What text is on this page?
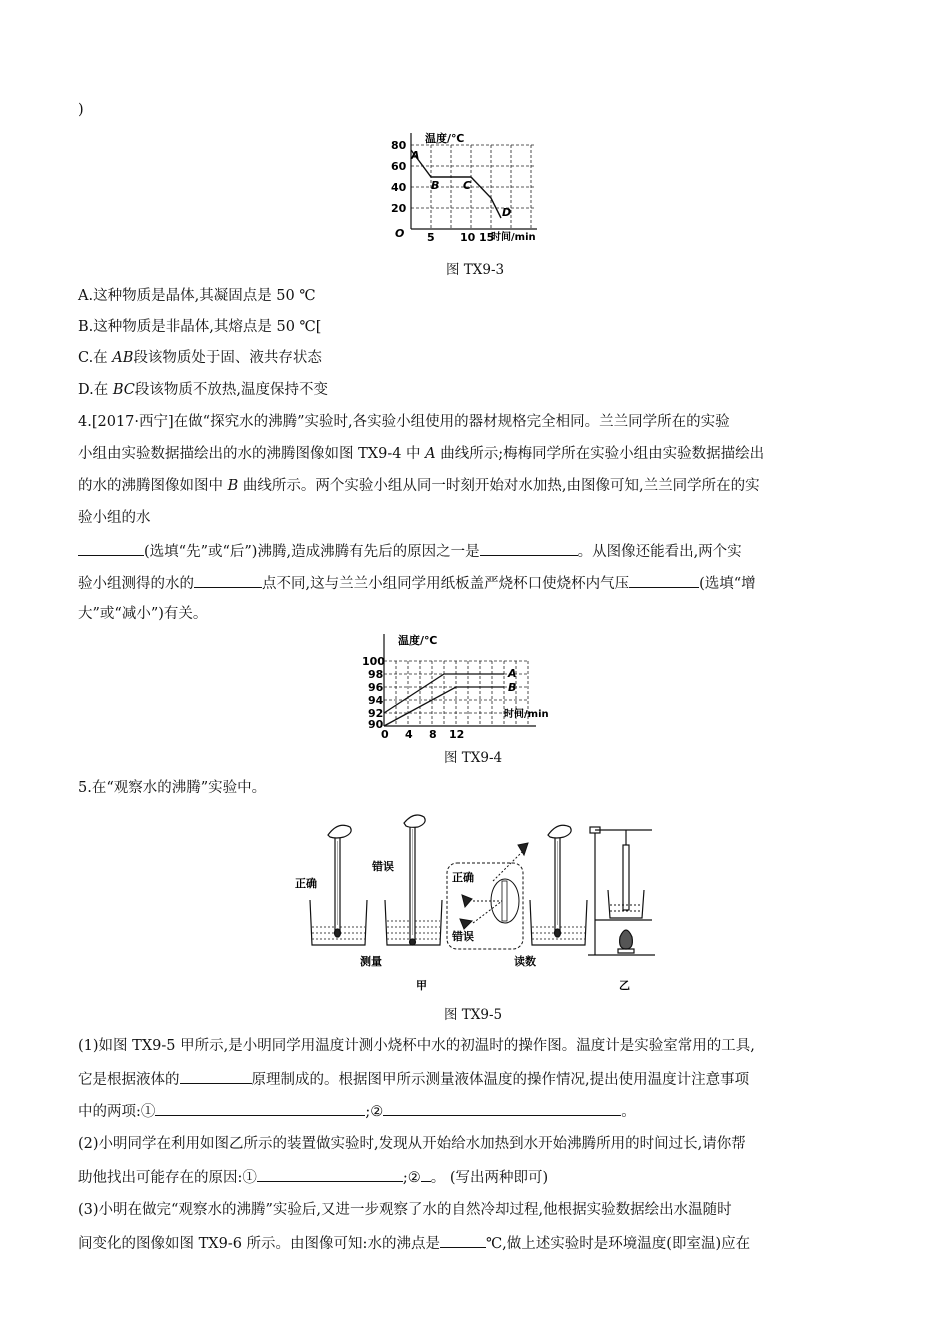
)
温度/℃
时间/min
O
80
60
40
20
5 10 15
A
B C
D
图 TX9-3
A.这种物质是晶体,其凝固点是 50 ℃
B.这种物质是非晶体,其熔点是 50 ℃[
C.在 AB段该物质处于固、液共存状态
D.在 BC段该物质不放热,温度保持不变
4.[2017·西宁]在做“探究水的沸腾”实验时,各实验小组使用的器材规格完全相同。兰兰同学所在的实验
小组由实验数据描绘出的水的沸腾图像如图 TX9-4 中 A 曲线所示;梅梅同学所在实验小组由实验数据描绘出
的水的沸腾图像如图中 B 曲线所示。两个实验小组从同一时刻开始对水加热,由图像可知,兰兰同学所在的实
验小组的水
(选填“先”或“后”)沸腾,造成沸腾有先后的原因之一是	。从图像还能看出,两个实
验小组测得的水的	点不同,这与兰兰小组同学用纸板盖严烧杯口使烧杯内气压	(选填“增
大”或“减小”)有关。
温度/℃
时间/min
100
98
96
94
92
90
0 4 8 12
A
B
图 TX9-4
5.在“观察水的沸腾”实验中。
正确
错误
正确
错误
测量	读数
甲	乙
图 TX9-5
(1)如图 TX9-5 甲所示,是小明同学用温度计测小烧杯中水的初温时的操作图。温度计是实验室常用的工具,
它是根据液体的	原理制成的。根据图甲所示测量液体温度的操作情况,提出使用温度计注意事项
中的两项:①	;②	。
(2)小明同学在利用如图乙所示的装置做实验时,发现从开始给水加热到水开始沸腾所用的时间过长,请你帮
助他找出可能存在的原因:①	;② 。 (写出两种即可)
(3)小明在做完“观察水的沸腾”实验后,又进一步观察了水的自然冷却过程,他根据实验数据绘出水温随时
间变化的图像如图 TX9-6 所示。由图像可知:水的沸点是	℃,做上述实验时是环境温度(即室温)应在
